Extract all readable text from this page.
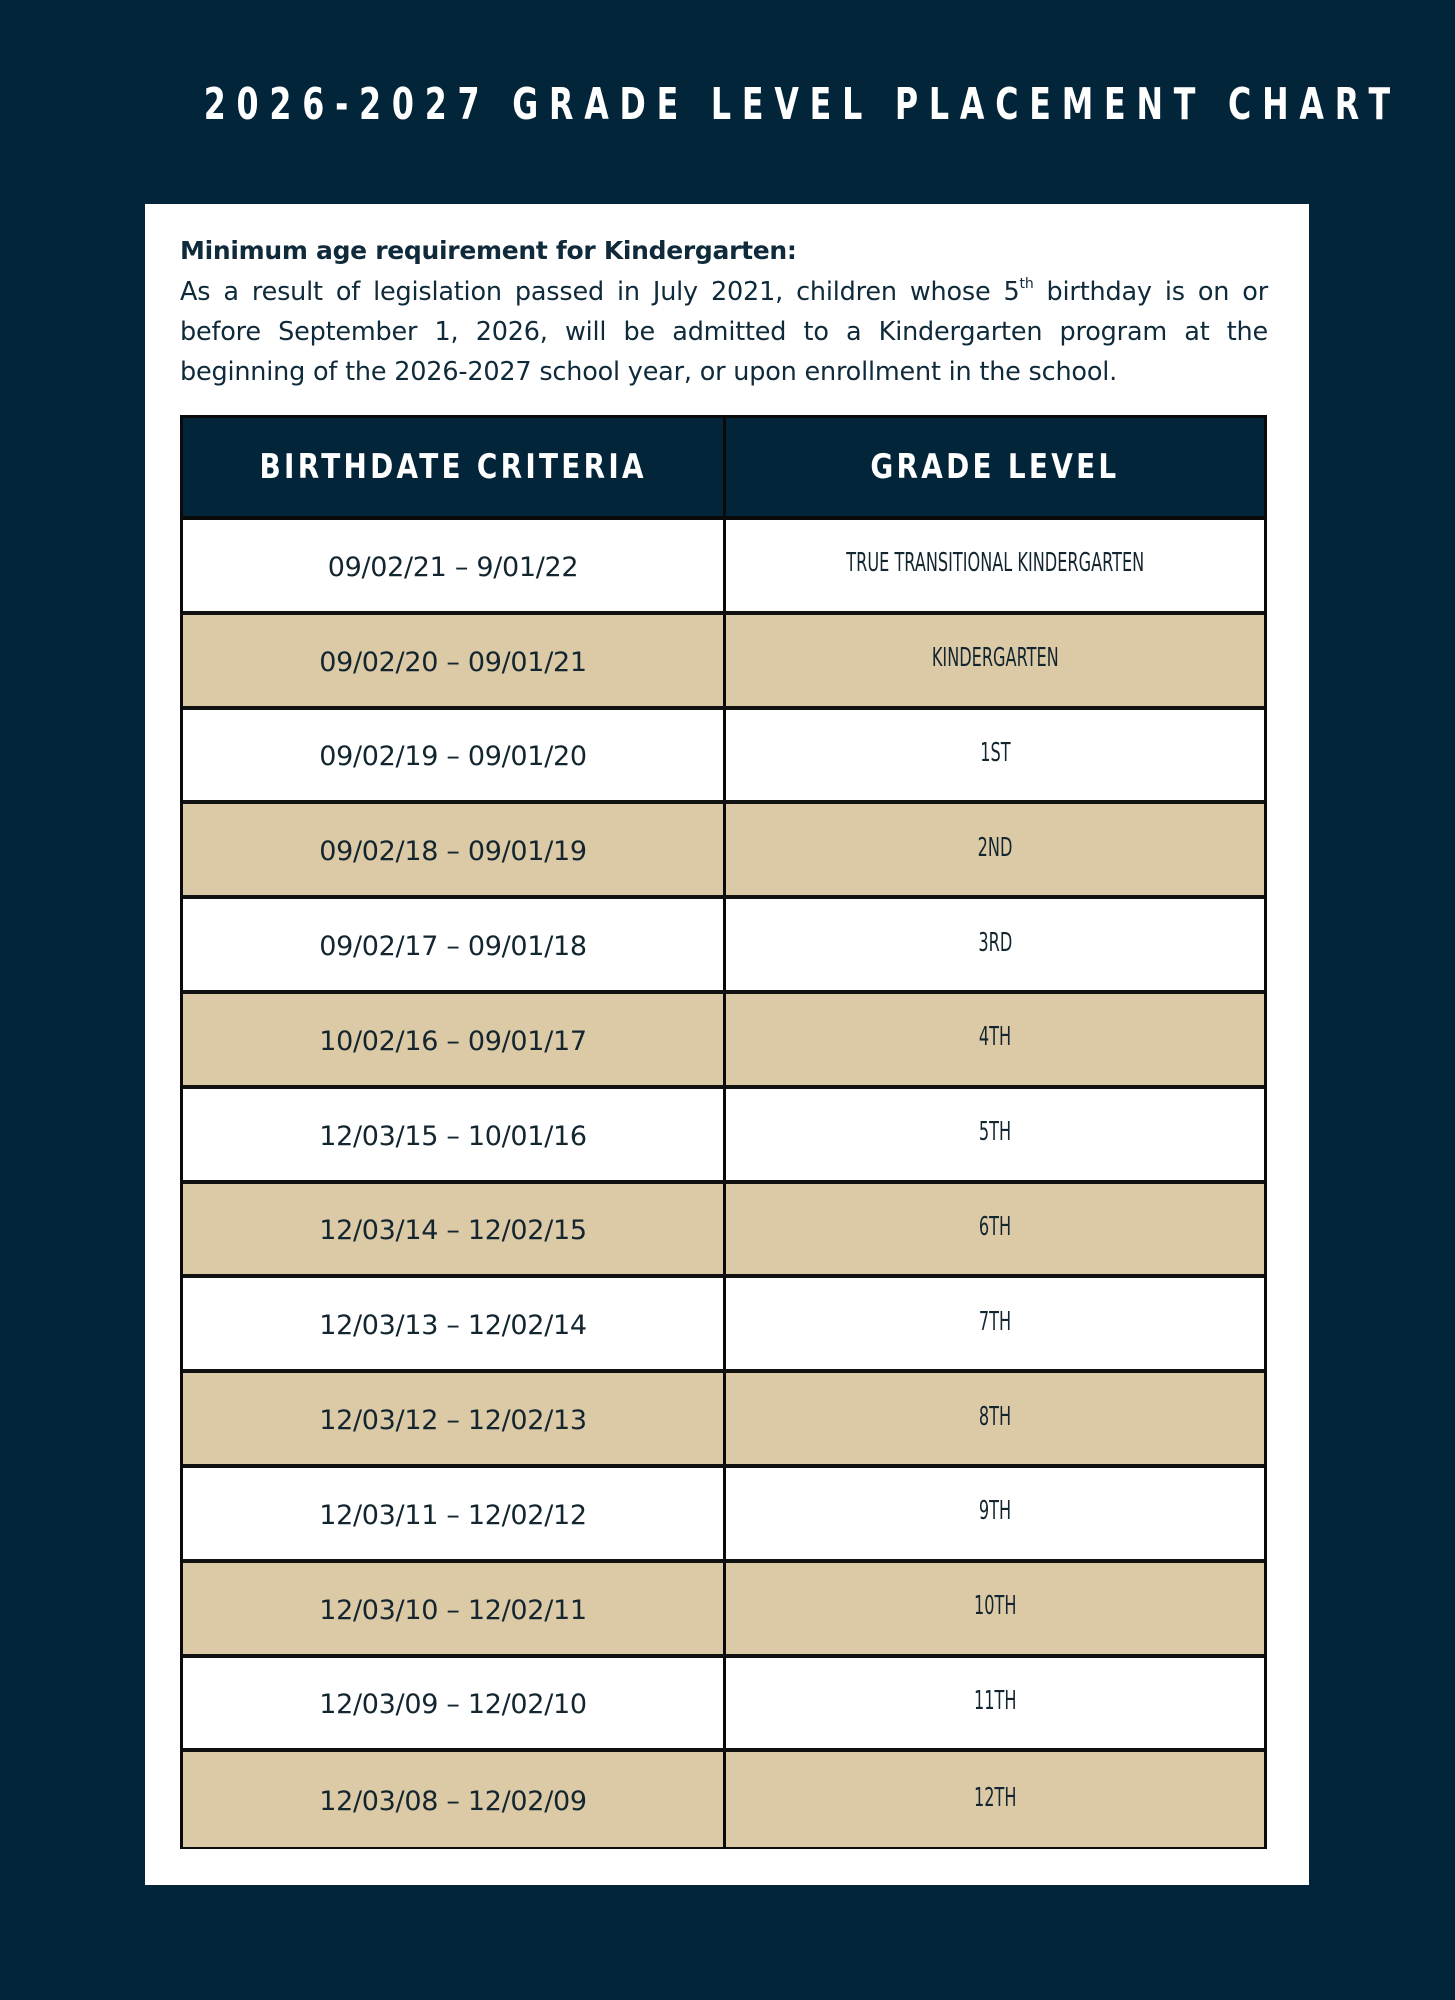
2026-2027 GRADE LEVEL PLACEMENT CHART
Minimum age requirement for Kindergarten:
As a result of legislation passed in July 2021, children whose 5th birthday is on or before September 1, 2026, will be admitted to a Kindergarten program at the beginning of the 2026-2027 school year, or upon enrollment in the school.
BIRTHDATE CRITERIA	GRADE LEVEL
09/02/21 – 9/01/22	TRUE TRANSITIONAL KINDERGARTEN
09/02/20 – 09/01/21	KINDERGARTEN
09/02/19 – 09/01/20	1ST
09/02/18 – 09/01/19	2ND
09/02/17 – 09/01/18	3RD
10/02/16 – 09/01/17	4TH
12/03/15 – 10/01/16	5TH
12/03/14 – 12/02/15	6TH
12/03/13 – 12/02/14	7TH
12/03/12 – 12/02/13	8TH
12/03/11 – 12/02/12	9TH
12/03/10 – 12/02/11	10TH
12/03/09 – 12/02/10	11TH
12/03/08 – 12/02/09	12TH
